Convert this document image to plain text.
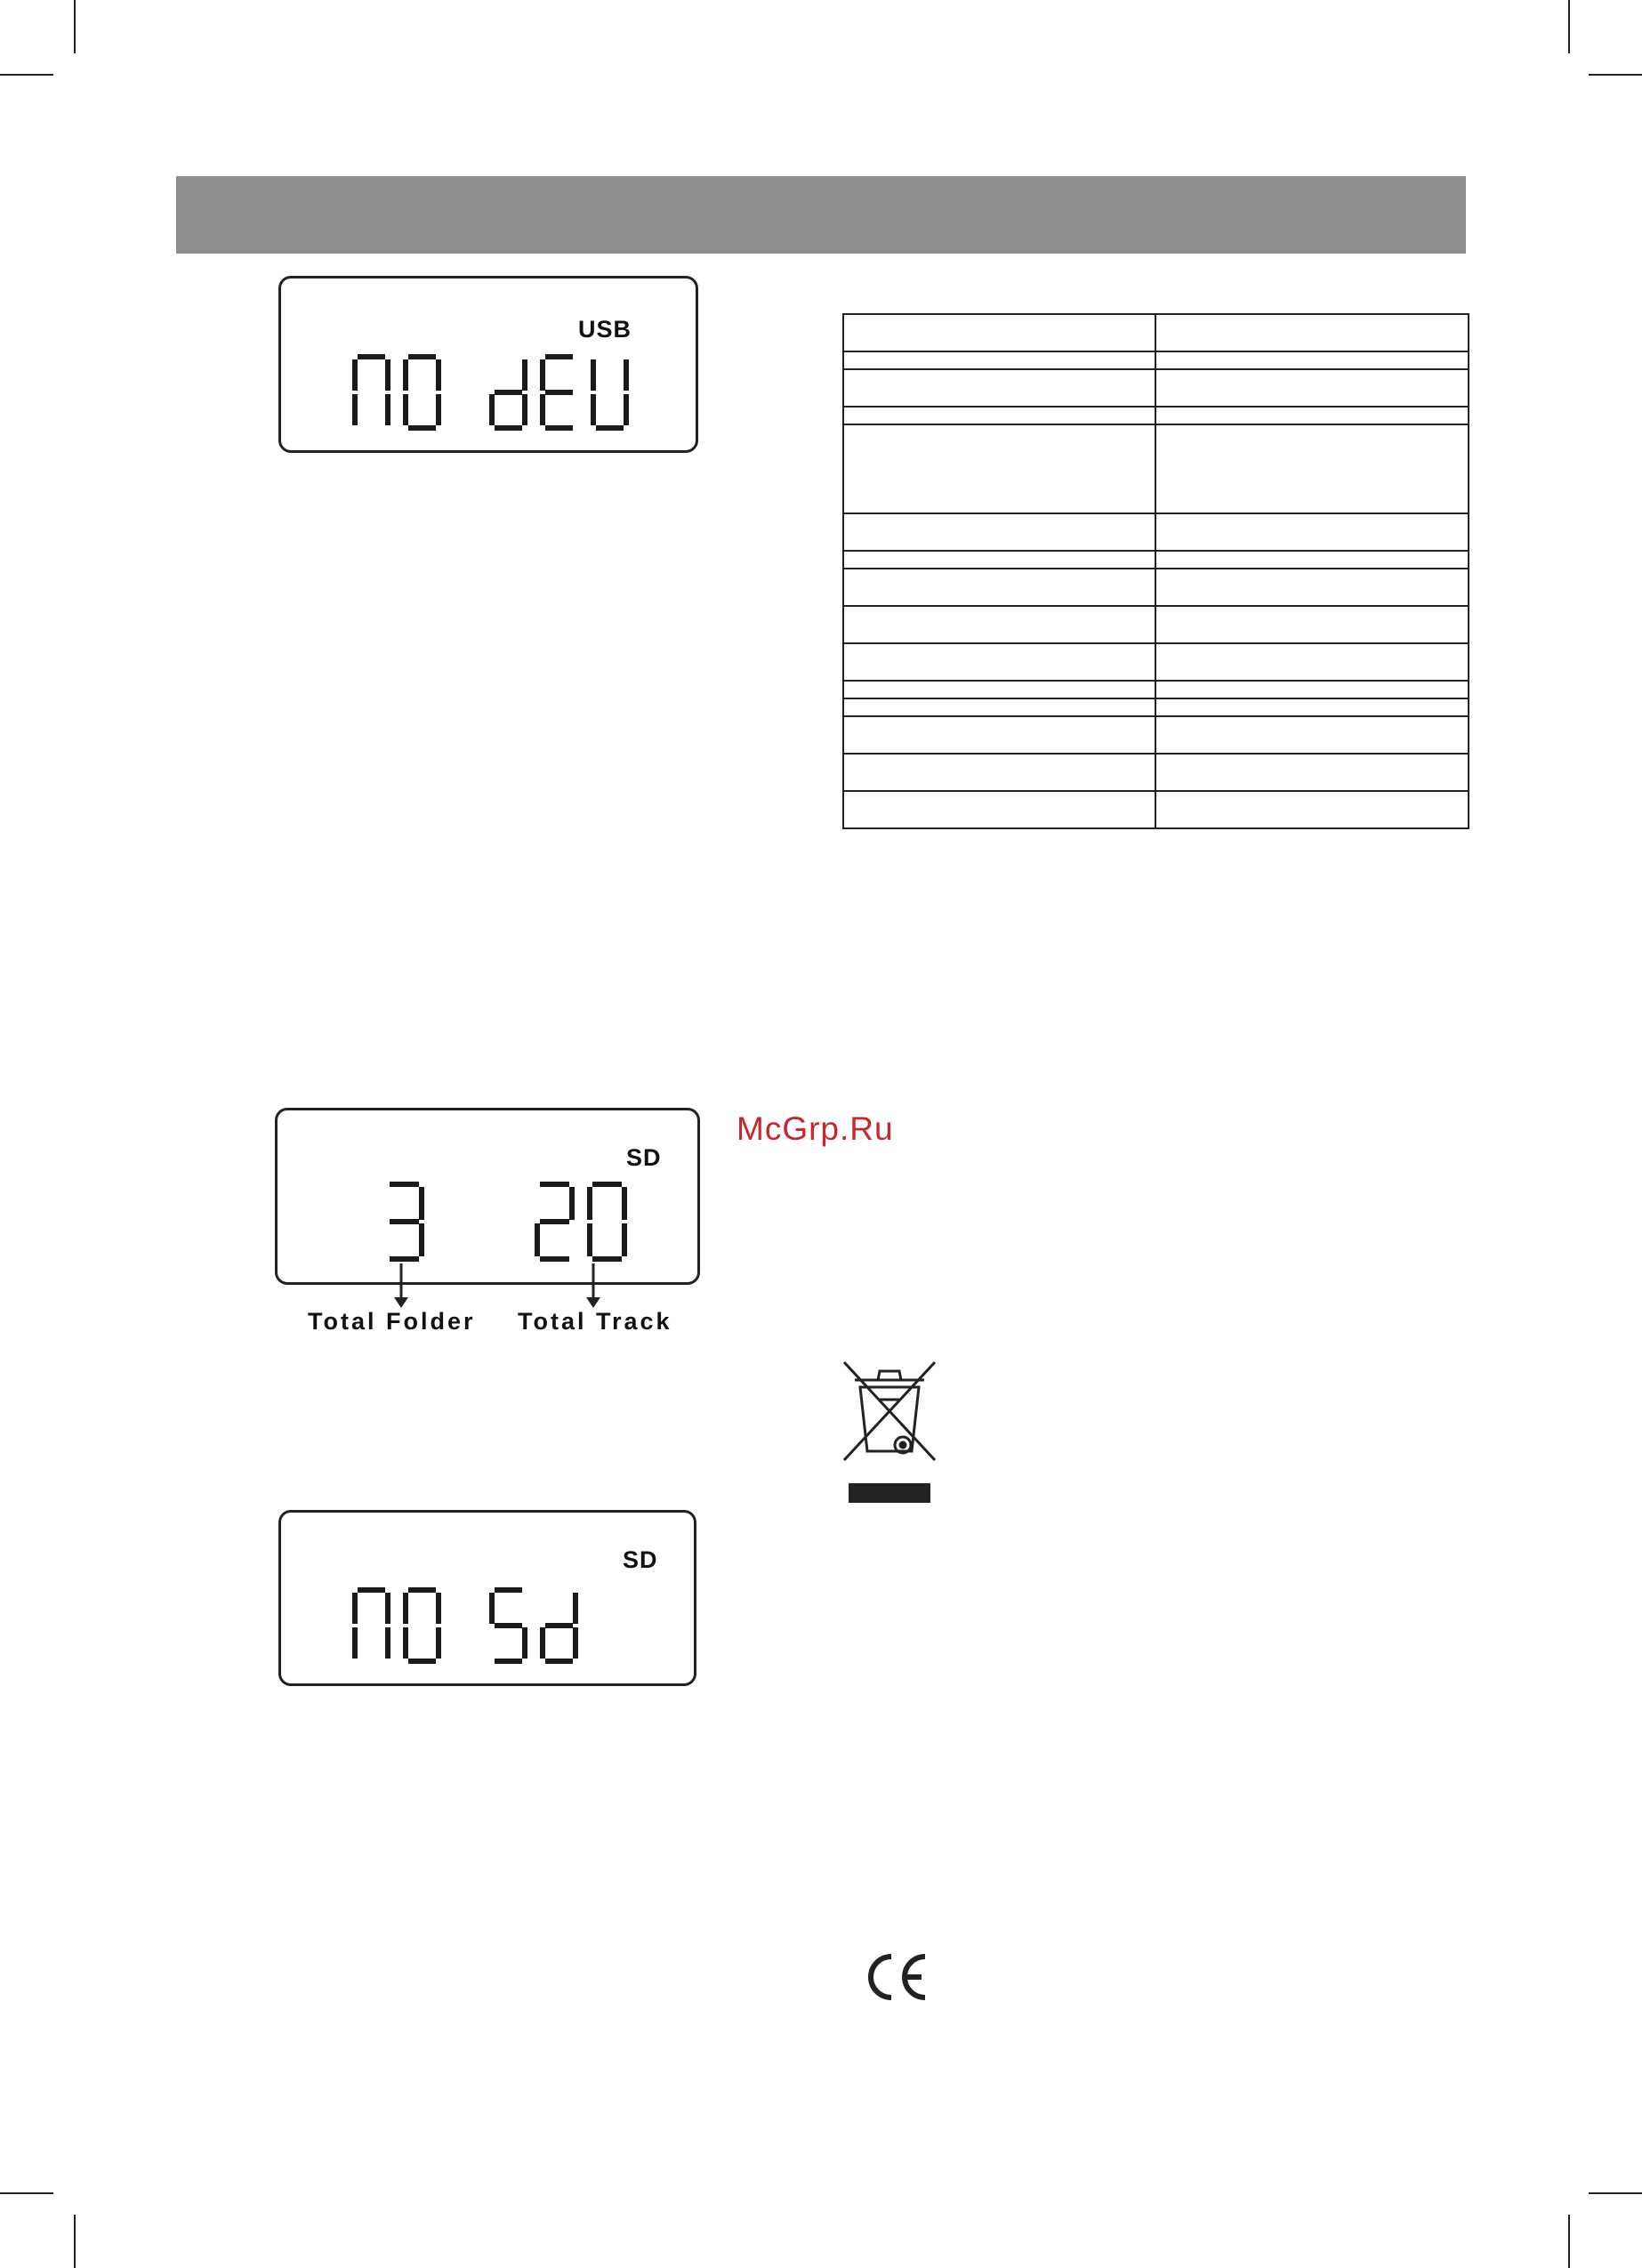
USB
SD
Total Folder Total Track
SD

McGrp.Ru
